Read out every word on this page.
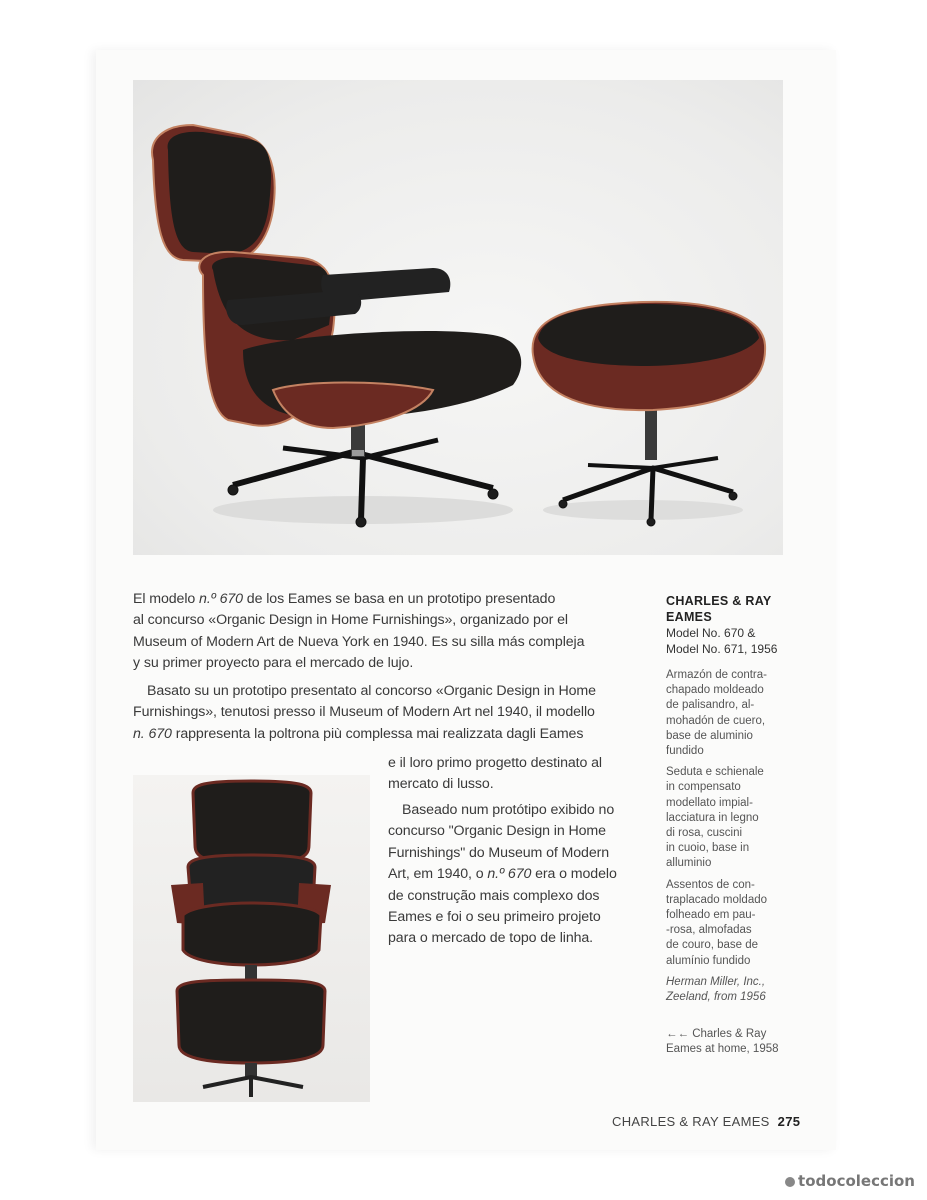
El modelo n.º 670 de los Eames se basa en un prototipo presentado
al concurso «Organic Design in Home Furnishings», organizado por el
Museum of Modern Art de Nueva York en 1940. Es su silla más compleja
y su primer proyecto para el mercado de lujo.
Basato su un prototipo presentato al concorso «Organic Design in Home
Furnishings», tenutosi presso il Museum of Modern Art nel 1940, il modello
n. 670 rappresenta la poltrona più complessa mai realizzata dagli Eames
e il loro primo progetto destinato al
mercato di lusso.
Baseado num protótipo exibido no
concurso "Organic Design in Home
Furnishings" do Museum of Modern
Art, em 1940, o n.º 670 era o modelo
de construção mais complexo dos
Eames e foi o seu primeiro projeto
para o mercado de topo de linha.
CHARLES & RAY
EAMES
Model No. 670 &
Model No. 671, 1956
Armazón de contra-
chapado moldeado
de palisandro, al-
mohadón de cuero,
base de aluminio
fundido
Seduta e schienale
in compensato
modellato impial-
lacciatura in legno
di rosa, cuscini
in cuoio, base in
alluminio
Assentos de con-
traplacado moldado
folheado em pau-
-rosa, almofadas
de couro, base de
alumínio fundido
Herman Miller, Inc.,
Zeeland, from 1956
←← Charles & Ray
Eames at home, 1958
CHARLES & RAY EAMES 275
todocoleccion
